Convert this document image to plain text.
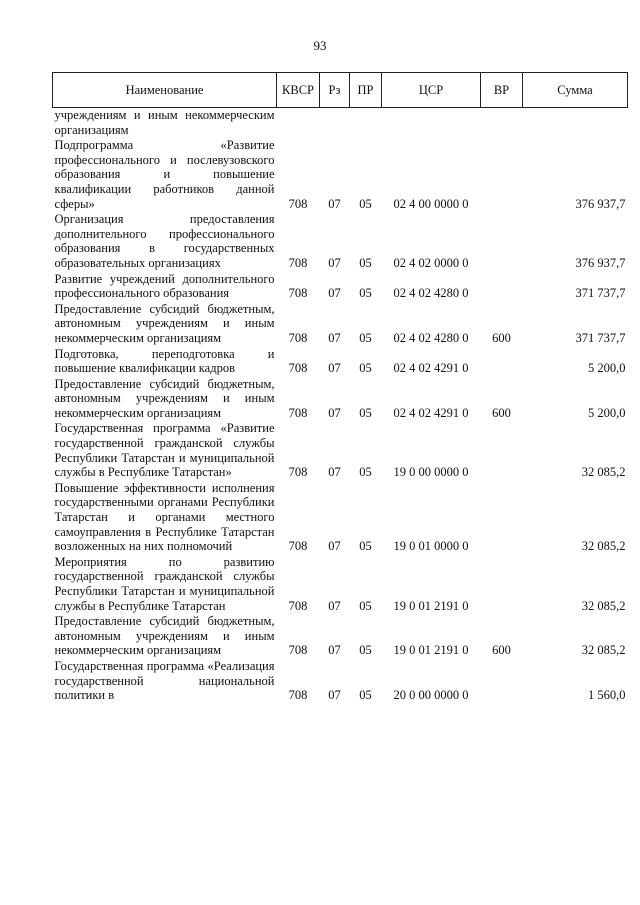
93
Наименование	КВСР	Рз	ПР	ЦСР	ВР	Сумма
учреждениям и иным некоммерческим организациям						
Подпрограмма «Развитие профессионального и послевузовского образования и повышение квалификации работников данной сферы»	708	07	05	02 4 00 0000 0		376 937,7
Организация предоставления дополнительного профессионального образования в государственных образовательных организациях	708	07	05	02 4 02 0000 0		376 937,7
Развитие учреждений дополнительного профессионального образования	708	07	05	02 4 02 4280 0		371 737,7
Предоставление субсидий бюджетным, автономным учреждениям и иным некоммерческим организациям	708	07	05	02 4 02 4280 0	600	371 737,7
Подготовка, переподготовка и повышение квалификации кадров	708	07	05	02 4 02 4291 0		5 200,0
Предоставление субсидий бюджетным, автономным учреждениям и иным некоммерческим организациям	708	07	05	02 4 02 4291 0	600	5 200,0
Государственная программа «Развитие государственной гражданской службы Республики Татарстан и муниципальной службы в Республике Татарстан»	708	07	05	19 0 00 0000 0		32 085,2
Повышение эффективности исполнения государственными органами Республики Татарстан и органами местного самоуправления в Республике Татарстан возложенных на них полномочий	708	07	05	19 0 01 0000 0		32 085,2
Мероприятия по развитию государственной гражданской службы Республики Татарстан и муниципальной службы в Республике Татарстан	708	07	05	19 0 01 2191 0		32 085,2
Предоставление субсидий бюджетным, автономным учреждениям и иным некоммерческим организациям	708	07	05	19 0 01 2191 0	600	32 085,2
Государственная программа «Реализация государственной национальной политики в	708	07	05	20 0 00 0000 0		1 560,0
